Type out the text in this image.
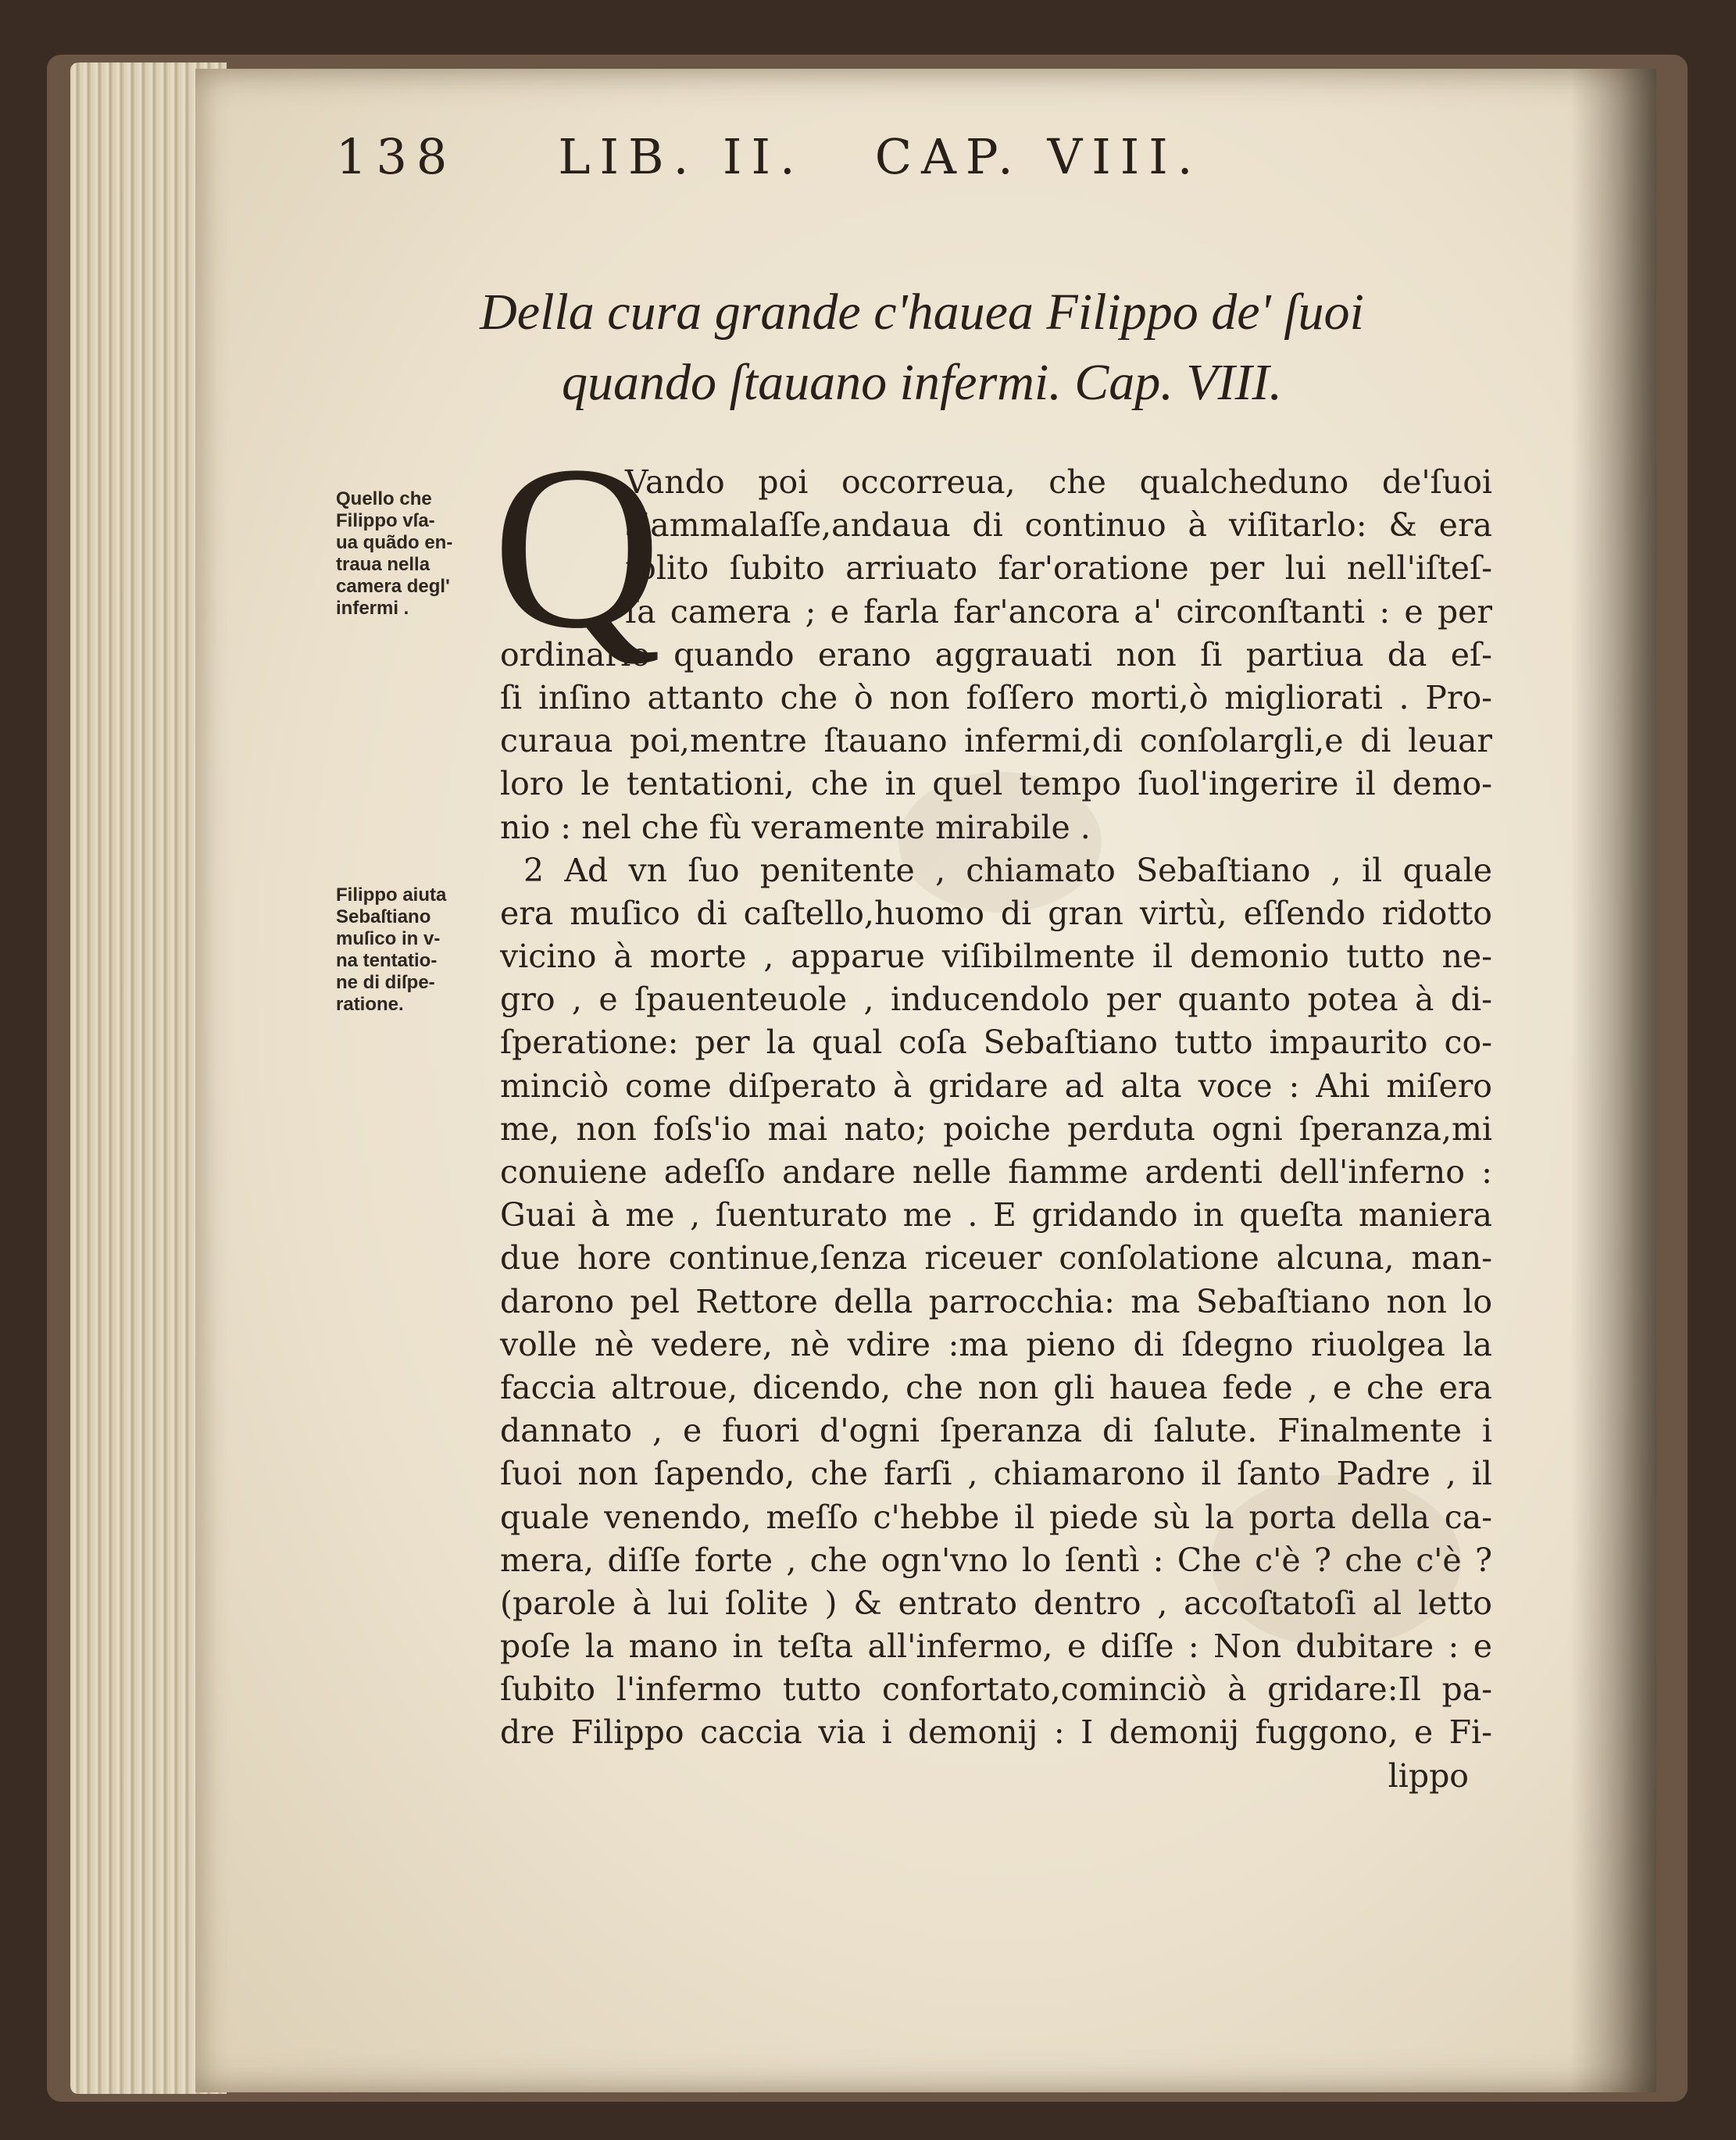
138 LIB. II. CAP. VIII.
Della cura grande c'hauea Filippo de' ſuoi
quando ſtauano infermi. Cap. VIII.
Quello che
Filippo vſa-
ua quãdo en-
traua nella
camera degl'
infermi .
Filippo aiuta
Sebaſtiano
muſico in v-
na tentatio-
ne di diſpe-
ratione.
Q
Vando poi occorreua, che qualcheduno de'ſuoi
s'ammalaſſe,andaua di continuo à viſitarlo: & era
ſolito ſubito arriuato far'oratione per lui nell'iſteſ-
ſa camera ; e farla far'ancora a' circonſtanti : e per
ordinario quando erano aggrauati non ſi partiua da eſ-
ſi inſino attanto che ò non foſſero morti,ò migliorati . Pro-
curaua poi,mentre ſtauano infermi,di conſolargli,e di leuar
loro le tentationi, che in quel tempo ſuol'ingerire il demo-
nio : nel che fù veramente mirabile .
2 Ad vn ſuo penitente , chiamato Sebaſtiano , il quale
era muſico di caſtello,huomo di gran virtù, eſſendo ridotto
vicino à morte , apparue viſibilmente il demonio tutto ne-
gro , e ſpauenteuole , inducendolo per quanto potea à di-
ſperatione: per la qual coſa Sebaſtiano tutto impaurito co-
minciò come diſperato à gridare ad alta voce : Ahi miſero
me, non foſs'io mai nato; poiche perduta ogni ſperanza,mi
conuiene adeſſo andare nelle fiamme ardenti dell'inferno :
Guai à me , ſuenturato me . E gridando in queſta maniera
due hore continue,ſenza riceuer conſolatione alcuna, man-
darono pel Rettore della parrocchia: ma Sebaſtiano non lo
volle nè vedere, nè vdire :ma pieno di ſdegno riuolgea la
faccia altroue, dicendo, che non gli hauea fede , e che era
dannato , e fuori d'ogni ſperanza di ſalute. Finalmente i
ſuoi non ſapendo, che farſi , chiamarono il ſanto Padre , il
quale venendo, meſſo c'hebbe il piede sù la porta della ca-
mera, diſſe forte , che ogn'vno lo ſentì : Che c'è ? che c'è ?
(parole à lui ſolite ) & entrato dentro , accoſtatoſi al letto
poſe la mano in teſta all'infermo, e diſſe : Non dubitare : e
ſubito l'infermo tutto confortato,cominciò à gridare:Il pa-
dre Filippo caccia via i demonij : I demonij fuggono, e Fi-
lippo
